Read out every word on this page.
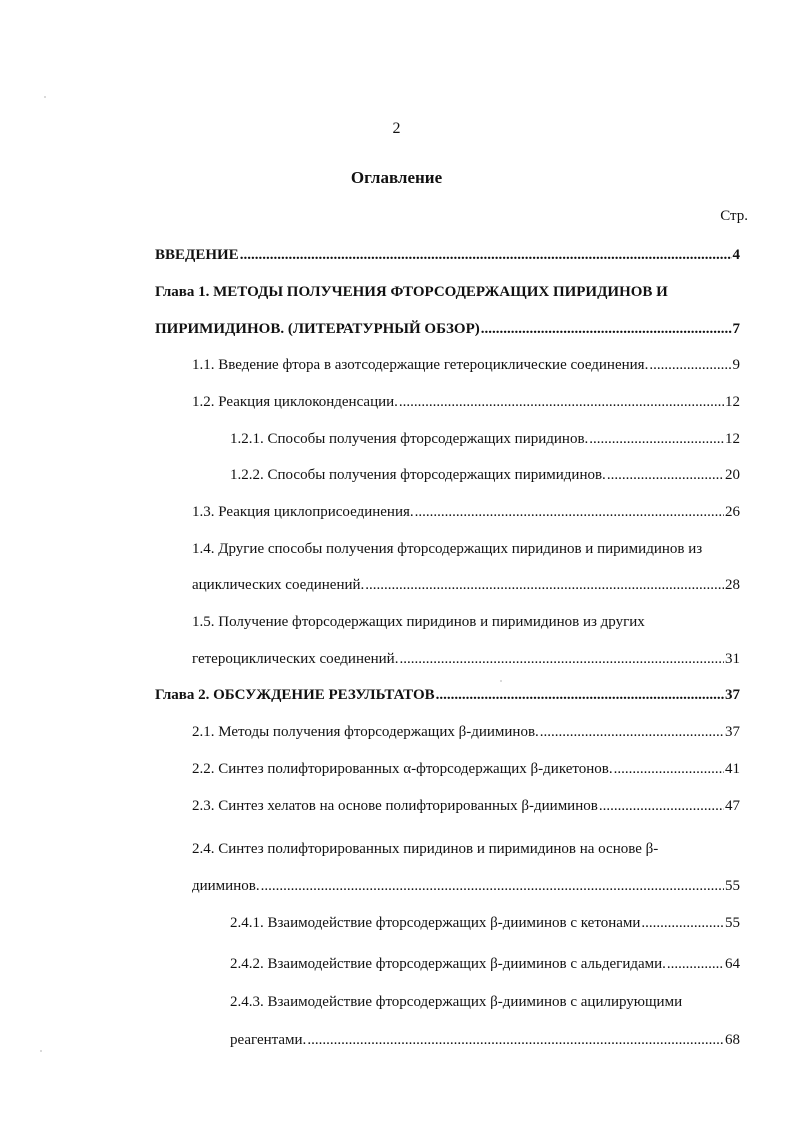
2
Оглавление
Стр.
ВВЕДЕНИЕ .....	4
Глава 1. МЕТОДЫ ПОЛУЧЕНИЯ ФТОРСОДЕРЖАЩИХ ПИРИДИНОВ И
ПИРИМИДИНОВ. (ЛИТЕРАТУРНЫЙ ОБЗОР) .....	7
1.1. Введение фтора в азотсодержащие гетероциклические соединения. .....	9
1.2. Реакция циклоконденсации. .....	12
1.2.1. Способы получения фторсодержащих пиридинов. .....	12
1.2.2. Способы получения фторсодержащих пиримидинов. .....	20
1.3. Реакция циклоприсоединения. .....	26
1.4. Другие способы получения фторсодержащих пиридинов и пиримидинов из
ациклических соединений. .....	28
1.5. Получение фторсодержащих пиридинов и пиримидинов из других
гетероциклических соединений. .....	31
Глава 2. ОБСУЖДЕНИЕ РЕЗУЛЬТАТОВ .....	37
2.1. Методы получения фторсодержащих β-дииминов. .....	37
2.2. Синтез полифторированных α-фторсодержащих β-дикетонов. .....	41
2.3. Синтез хелатов на основе полифторированных β-дииминов .....	47
2.4. Синтез полифторированных пиридинов и пиримидинов на основе β-
дииминов. .....	55
2.4.1. Взаимодействие фторсодержащих β-дииминов с кетонами .....	55
2.4.2. Взаимодействие фторсодержащих β-дииминов с альдегидами. .....	64
2.4.3. Взаимодействие фторсодержащих β-дииминов с ацилирующими
реагентами. .....	68
